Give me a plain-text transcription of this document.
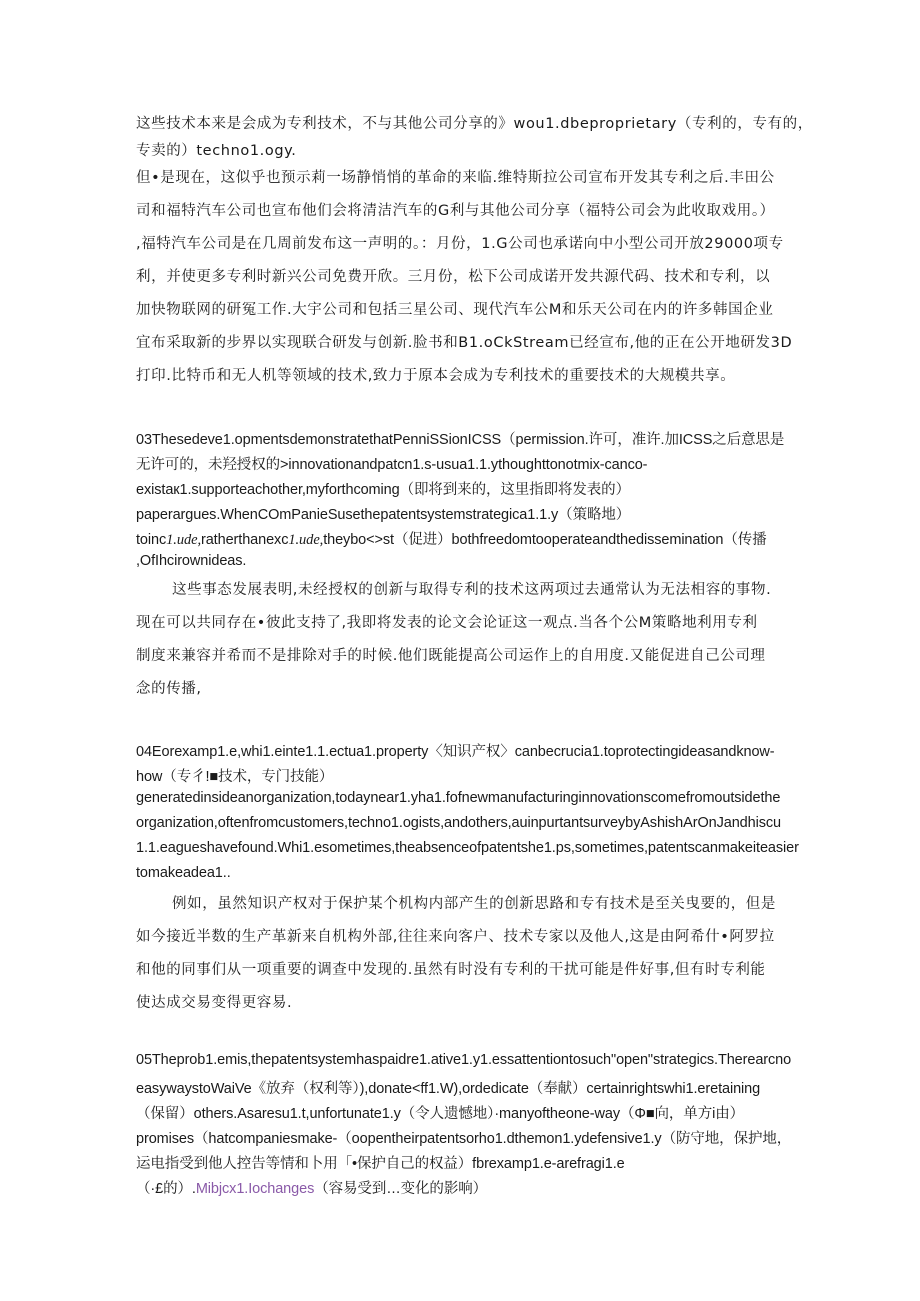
这些技术本来是会成为专利技术，不与其他公司分享的》wou1.dbeproprietary（专利的，专有的，
专卖的）techno1.ogy.
但•是现在，这似乎也预示莉一场静悄悄的革命的来临.维特斯拉公司宣布开发其专利之后.丰田公
司和福特汽车公司也宣布他们会将清洁汽车的G利与其他公司分享（福特公司会为此收取戏用。）
,福特汽车公司是在几周前发布这一声明的。：月份，1.G公司也承诺向中小型公司开放29000项专
利，并使更多专利时新兴公司免费开欣。三月份，松下公司成诺开发共源代码、技术和专利，以
加快物联网的研冤工作.大宇公司和包括三星公司、现代汽车公M和乐天公司在内的许多韩国企业
宜布采取新的步界以实现联合研发与创新.脸书和B1.oCkStream已经宣布,他的正在公开地研发3D
打印.比特币和无人机等领域的技术,致力于原本会成为专利技术的重要技术的大规模共享。
03Thesedeve1.opmentsdemonstratethatPenniSSionICSS（permission.许可，准许.加ICSS之后意思是
无许可的，未羟授权的>innovationandpatcn1.s-usua1.1.ythoughttonotmix-canco-
existaк1.supporteachother,myforthcoming（即将到来的，这里指即将发表的）
paperargues.WhenCOmPanieSusethepatentsystemstrategica1.1.y（策略地）
toinc1.ude,ratherthanexc1.ude,theybo<>st（促进）bothfreedomtooperateandthedissemination（传播
,OfIhcirownideas.
这些事态发展表明,未经授权的创新与取得专利的技术这两项过去通常认为无法相容的事物.
现在可以共同存在•彼此支持了,我即将发表的论文会论证这一观点.当各个公M策略地利用专利
制度来兼容并希而不是排除对手的时候.他们既能提高公司运作上的自用度.又能促进自己公司理
念的传播,
04Eorexamp1.e,whi1.einte1.1.ectua1.property〈知识产权〉canbecrucia1.toprotectingideasandknow-
how（专彳!■技术，专门技能）
generatedinsideanorganization,todaynear1.yha1.fofnewmanufacturinginnovationscomefromoutsidethe
organization,oftenfromcustomers,techno1.ogists,andothers,auinpurtantsurveybyAshishArOnJandhiscu
1.1.eagueshavefound.Whi1.esometimes,theabsenceofpatentshe1.ps,sometimes,patentscanmakeiteasier
tomakeadea1..
例如，虽然知识产权对于保护某个机构内部产生的创新思路和专有技术是至关曳要的，但是
如今接近半数的生产革新来自机构外部,往往来向客户、技术专家以及他人,这是由阿希什•阿罗拉
和他的同事们从一项重要的调查中发现的.虽然有时没有专利的干扰可能是件好事,但有时专利能
使达成交易变得更容易.
05Theprob1.emis,thepatentsystemhaspaidre1.ative1.y1.essattentiontosuch"open"strategics.Therearcno
easywaystoWaiVe《放弃（权利等）),donate<ff1.W),ordedicate（奉献）certainrightswhi1.eretaining
（保留）others.Asaresu1.t,unfortunate1.y（令人遗憾地）·manyoftheone-way（Φ■向，单方i由）
promises（hatcompaniesmake-（oopentheirpatentsorho1.dthemon1.ydefensive1.y（防守地，保护地，
运电指受到他人控告等情和卜用「•保护自己的权益）fbrexamp1.e-arefragi1.e
（·£的）.Mibjcx1.Iochanges（容易受到…变化的影响）
